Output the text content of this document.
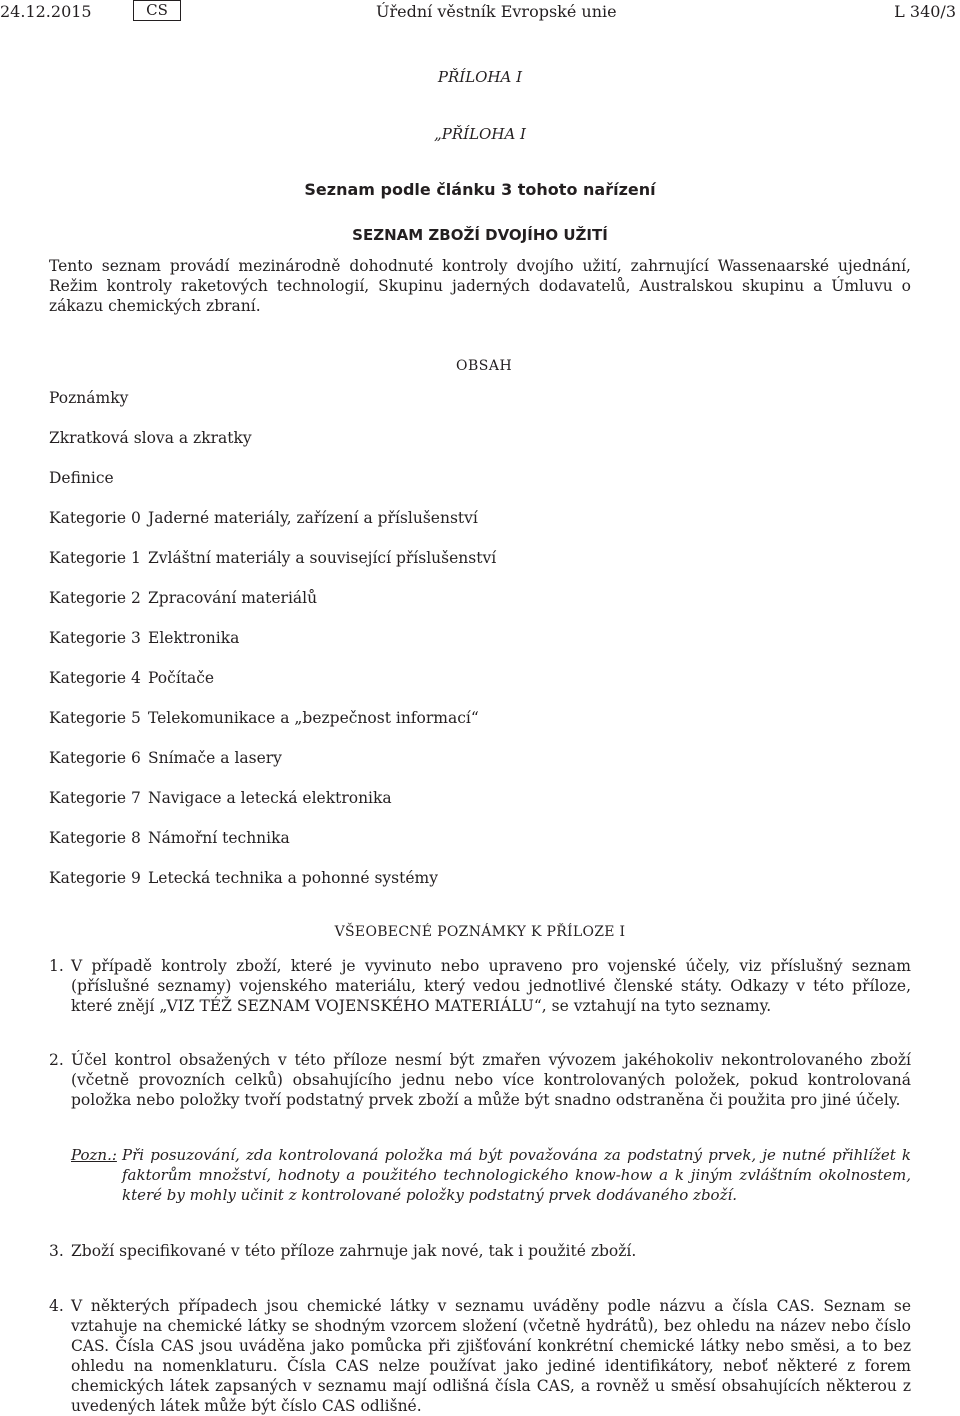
24.12.2015	CS	Úřední věstník Evropské unie	L 340/3
PŘÍLOHA I
„PŘÍLOHA I
Seznam podle článku 3 tohoto nařízení
SEZNAM ZBOŽÍ DVOJÍHO UŽITÍ
Tento seznam provádí mezinárodně dohodnuté kontroly dvojího užití, zahrnující Wassenaarské ujednání, Režim kontroly raketových technologií, Skupinu jaderných dodavatelů, Australskou skupinu a Úmluvu o zákazu chemických zbraní.
OBSAH
Poznámky
Zkratková slova a zkratky
Definice
Kategorie 0 Jaderné materiály, zařízení a příslušenství
Kategorie 1 Zvláštní materiály a související příslušenství
Kategorie 2 Zpracování materiálů
Kategorie 3 Elektronika
Kategorie 4 Počítače
Kategorie 5 Telekomunikace a „bezpečnost informací“
Kategorie 6 Snímače a lasery
Kategorie 7 Navigace a letecká elektronika
Kategorie 8 Námořní technika
Kategorie 9 Letecká technika a pohonné systémy
VŠEOBECNÉ POZNÁMKY K PŘÍLOZE I
1. V případě kontroly zboží, které je vyvinuto nebo upraveno pro vojenské účely, viz příslušný seznam (příslušné seznamy) vojenského materiálu, který vedou jednotlivé členské státy. Odkazy v této příloze, které znějí „VIZ TÉŽ SEZNAM VOJENSKÉHO MATERIÁLU“, se vztahují na tyto seznamy.
2. Účel kontrol obsažených v této příloze nesmí být zmařen vývozem jakéhokoliv nekontrolovaného zboží (včetně provozních celků) obsahujícího jednu nebo více kontrolovaných položek, pokud kontrolovaná položka nebo položky tvoří podstatný prvek zboží a může být snadno odstraněna či použita pro jiné účely.
Pozn.: Při posuzování, zda kontrolovaná položka má být považována za podstatný prvek, je nutné přihlížet k faktorům množství, hodnoty a použitého technologického know-how a k jiným zvláštním okolnostem, které by mohly učinit z kontrolované položky podstatný prvek dodávaného zboží.
3. Zboží specifikované v této příloze zahrnuje jak nové, tak i použité zboží.
4. V některých případech jsou chemické látky v seznamu uváděny podle názvu a čísla CAS. Seznam se vztahuje na chemické látky se shodným vzorcem složení (včetně hydrátů), bez ohledu na název nebo číslo CAS. Čísla CAS jsou uváděna jako pomůcka při zjišťování konkrétní chemické látky nebo směsi, a to bez ohledu na nomenklaturu. Čísla CAS nelze používat jako jediné identifikátory, neboť některé z forem chemických látek zapsaných v seznamu mají odlišná čísla CAS, a rovněž u směsí obsahujících některou z uvedených látek může být číslo CAS odlišné.
